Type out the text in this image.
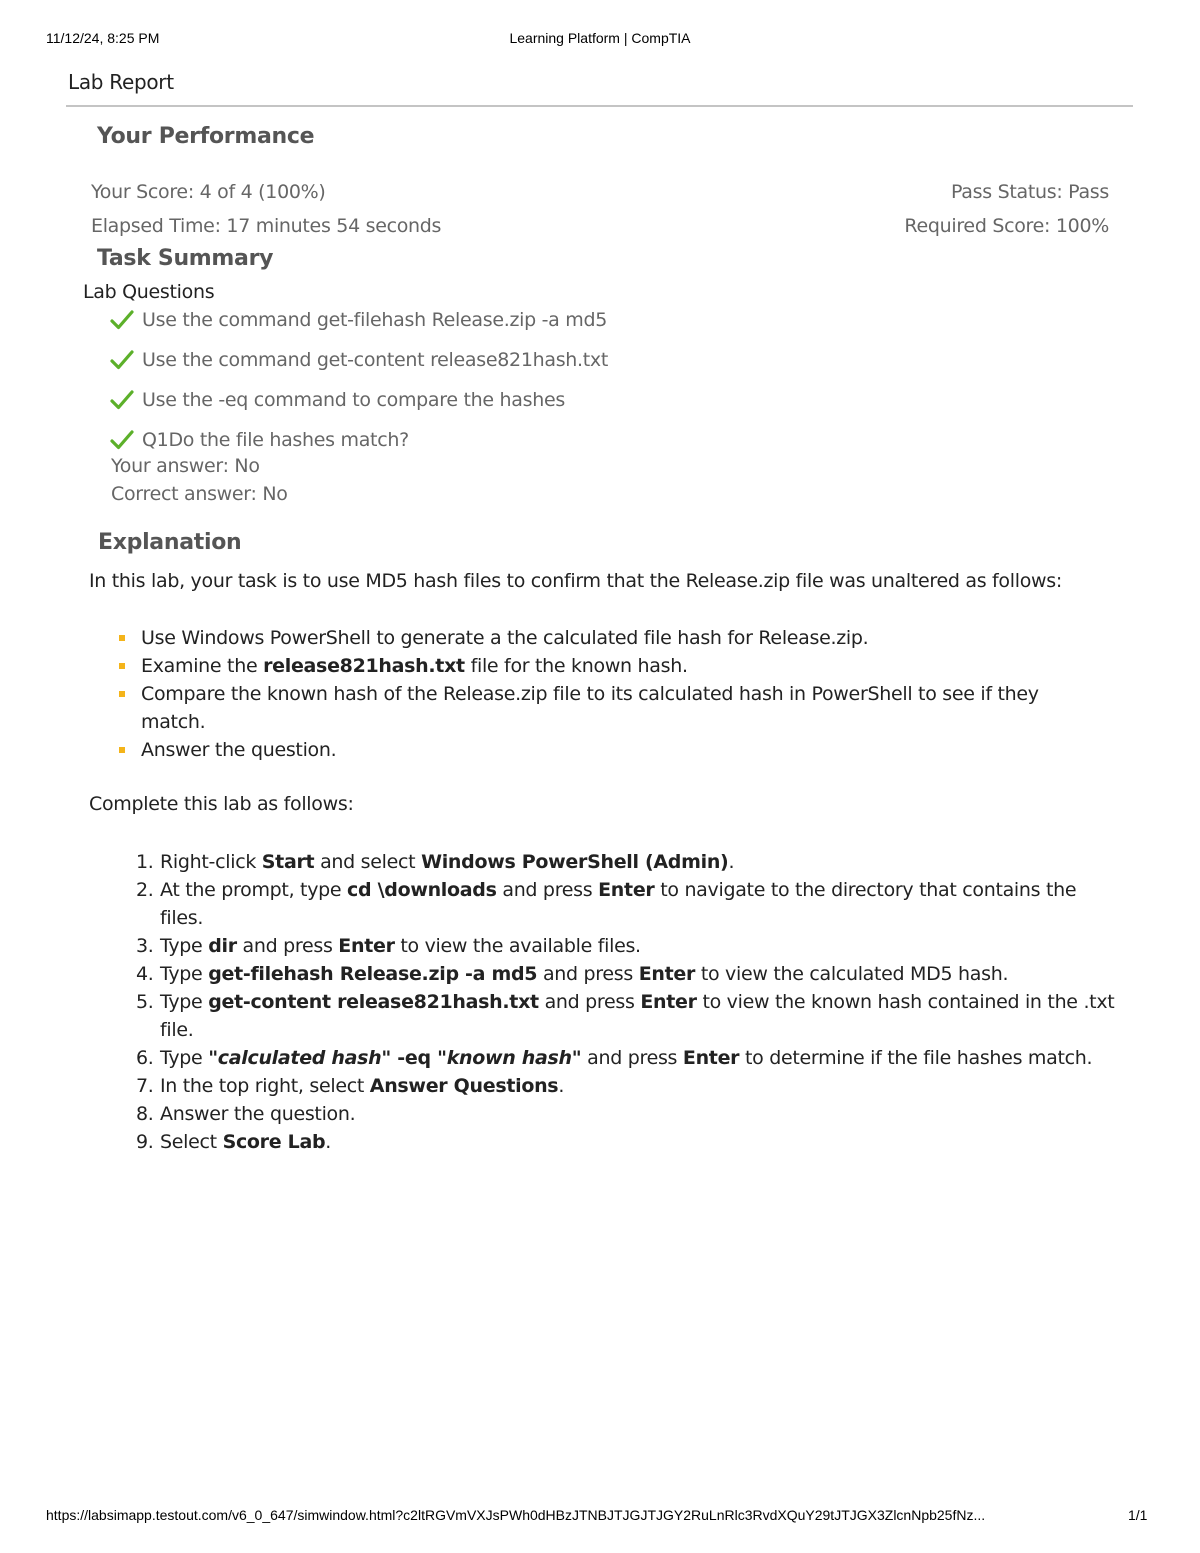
11/12/24, 8:25 PM	Learning Platform | CompTIA
Lab Report
Your Performance
Your Score: 4 of 4 (100%)
Elapsed Time: 17 minutes 54 seconds
Pass Status: Pass
Required Score: 100%
Task Summary
Lab Questions
Use the command get-filehash Release.zip -a md5
Use the command get-content release821hash.txt
Use the -eq command to compare the hashes
Q1Do the file hashes match?
Your answer: No
Correct answer: No
Explanation
In this lab, your task is to use MD5 hash files to confirm that the Release.zip file was unaltered as follows:
Use Windows PowerShell to generate a the calculated file hash for Release.zip.
Examine the release821hash.txt file for the known hash.
Compare the known hash of the Release.zip file to its calculated hash in PowerShell to see if they match.
Answer the question.
Complete this lab as follows:
1. Right-click Start and select Windows PowerShell (Admin).
2. At the prompt, type cd \downloads and press Enter to navigate to the directory that contains the files.
3. Type dir and press Enter to view the available files.
4. Type get-filehash Release.zip -a md5 and press Enter to view the calculated MD5 hash.
5. Type get-content release821hash.txt and press Enter to view the known hash contained in the .txt file.
6. Type "calculated hash" -eq "known hash" and press Enter to determine if the file hashes match.
7. In the top right, select Answer Questions.
8. Answer the question.
9. Select Score Lab.
https://labsimapp.testout.com/v6_0_647/simwindow.html?c2ltRGVmVXJsPWh0dHBzJTNBJTJGJTJGY2RuLnRlc3RvdXQuY29tJTJGX3ZlcnNpb25fNz...	1/1
